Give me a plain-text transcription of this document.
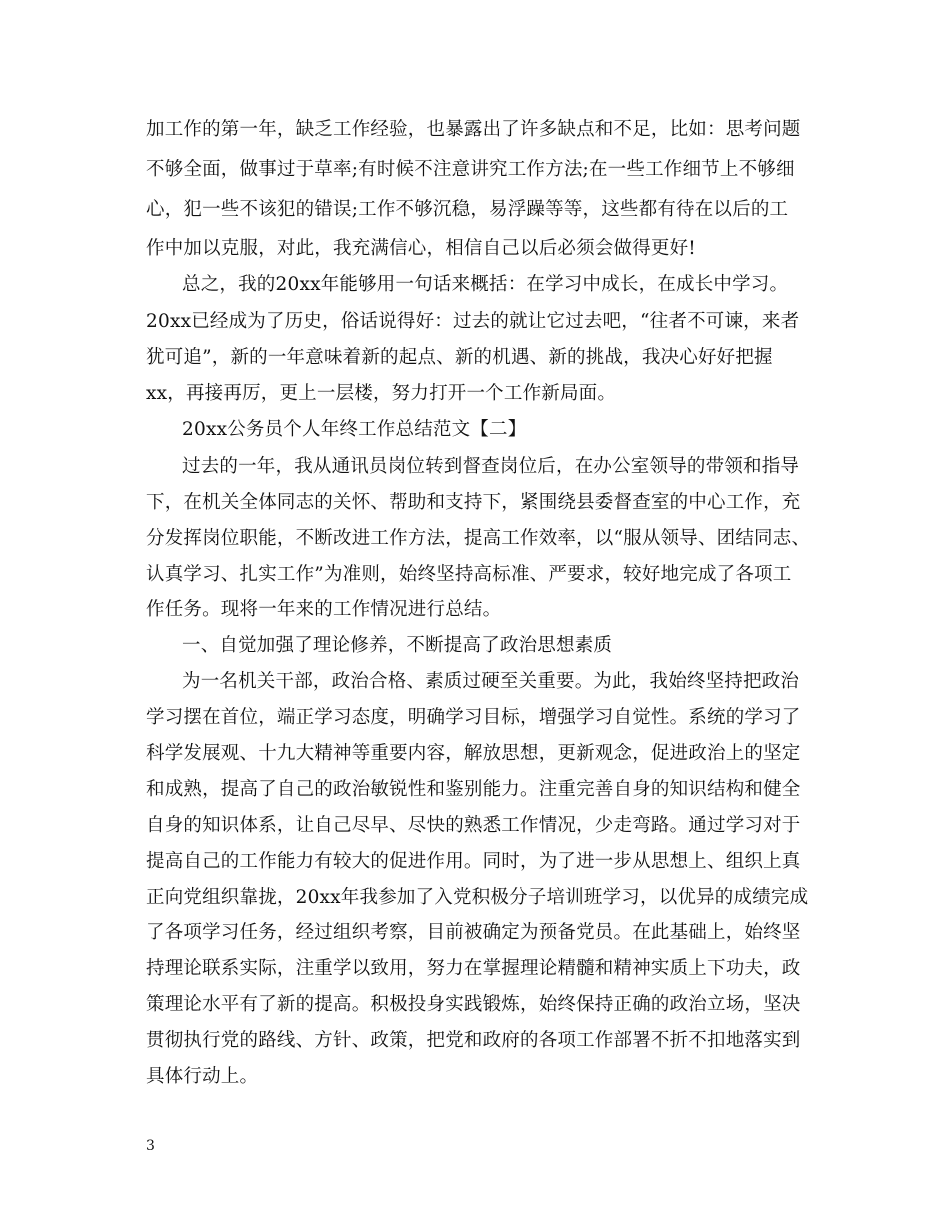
加工作的第一年，缺乏工作经验，也暴露出了许多缺点和不足，比如：思考问题
不够全面，做事过于草率;有时候不注意讲究工作方法;在一些工作细节上不够细
心，犯一些不该犯的错误;工作不够沉稳，易浮躁等等，这些都有待在以后的工
作中加以克服，对此，我充满信心，相信自己以后必须会做得更好!
总之，我的20xx年能够用一句话来概括：在学习中成长，在成长中学习。
20xx已经成为了历史，俗话说得好：过去的就让它过去吧，“往者不可谏，来者
犹可追”，新的一年意味着新的起点、新的机遇、新的挑战，我决心好好把握
xx，再接再厉，更上一层楼，努力打开一个工作新局面。
20xx公务员个人年终工作总结范文【二】
过去的一年，我从通讯员岗位转到督查岗位后，在办公室领导的带领和指导
下，在机关全体同志的关怀、帮助和支持下，紧围绕县委督查室的中心工作，充
分发挥岗位职能，不断改进工作方法，提高工作效率，以“服从领导、团结同志、
认真学习、扎实工作”为准则，始终坚持高标准、严要求，较好地完成了各项工
作任务。现将一年来的工作情况进行总结。
一、自觉加强了理论修养，不断提高了政治思想素质
为一名机关干部，政治合格、素质过硬至关重要。为此，我始终坚持把政治
学习摆在首位，端正学习态度，明确学习目标，增强学习自觉性。系统的学习了
科学发展观、十九大精神等重要内容，解放思想，更新观念，促进政治上的坚定
和成熟，提高了自己的政治敏锐性和鉴别能力。注重完善自身的知识结构和健全
自身的知识体系，让自己尽早、尽快的熟悉工作情况，少走弯路。通过学习对于
提高自己的工作能力有较大的促进作用。同时，为了进一步从思想上、组织上真
正向党组织靠拢，20xx年我参加了入党积极分子培训班学习，以优异的成绩完成
了各项学习任务，经过组织考察，目前被确定为预备党员。在此基础上，始终坚
持理论联系实际，注重学以致用，努力在掌握理论精髓和精神实质上下功夫，政
策理论水平有了新的提高。积极投身实践锻炼，始终保持正确的政治立场，坚决
贯彻执行党的路线、方针、政策，把党和政府的各项工作部署不折不扣地落实到
具体行动上。
3
